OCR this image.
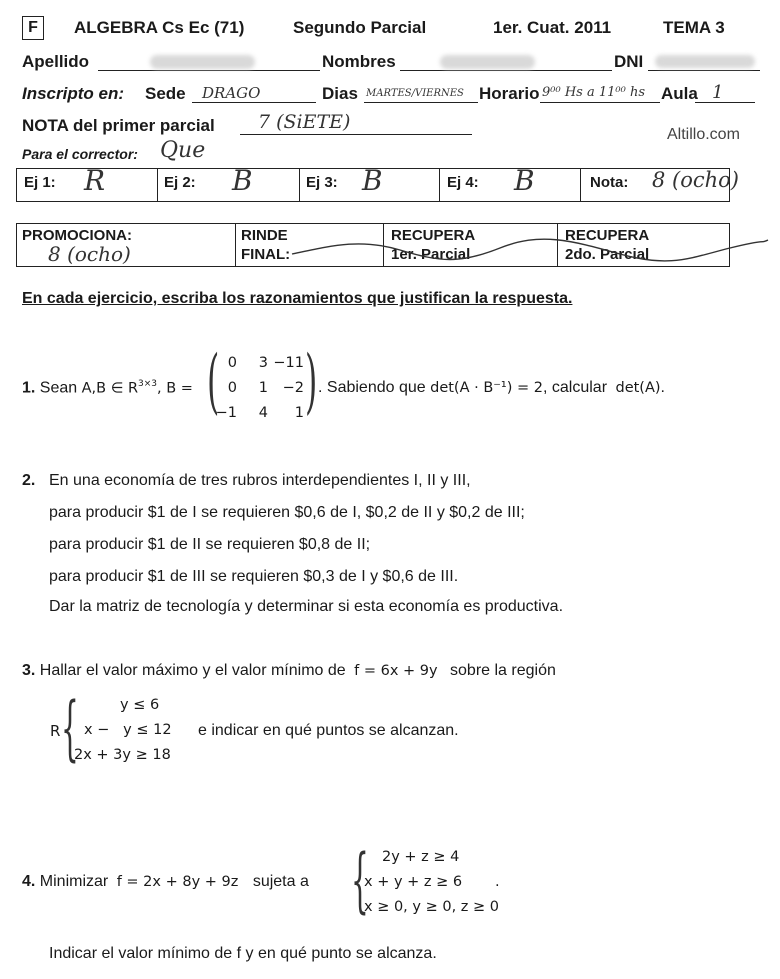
F	ALGEBRA Cs Ec (71)	Segundo Parcial	1er. Cuat. 2011	TEMA 3
Apellido	Nombres	DNI
Inscripto en: Sede DRAGO	Dias MARTES/VIERNES Horario 9⁰⁰ Hs a 11⁰⁰ hs Aula 1
NOTA del primer parcial 7 (SiETE)
Altillo.com
Para el corrector: Que
Ej 1: R	Ej 2: B	Ej 3: B	Ej 4: B	Nota: 8 (ocho)
PROMOCIONA:
8 (ocho)
RINDE
FINAL:
RECUPERA
1er. Parcial
RECUPERA
2do. Parcial
En cada ejercicio, escriba los razonamientos que justifican la respuesta.
1. Sean A,B ∈ $R^{3\times 3}$, B = ( 0	3 −11
0	1	−2
−1	4	1 ) . Sabiendo que det(A · B⁻¹) = 2, calcular det(A).
2. En una economía de tres rubros interdependientes I, II y III,
para producir $1 de I se requieren $0,6 de I, $0,2 de II y $0,2 de III;
para producir $1 de II se requieren $0,8 de II;
para producir $1 de III se requieren $0,3 de I y $0,6 de III.
Dar la matriz de tecnología y determinar si esta economía es productiva.
3. Hallar el valor máximo y el valor mínimo de f = 6x + 9y sobre la región
R {	y ≤ 6
x −   y ≤ 12
2x + 3y ≥ 18
e indicar en qué puntos se alcanzan.
4. Minimizar f = 2x + 8y + 9z sujeta a { 2y + z ≥ 4
x + y + z ≥ 6
x ≥ 0, y ≥ 0, z ≥ 0
.
Indicar el valor mínimo de f y en qué punto se alcanza.
